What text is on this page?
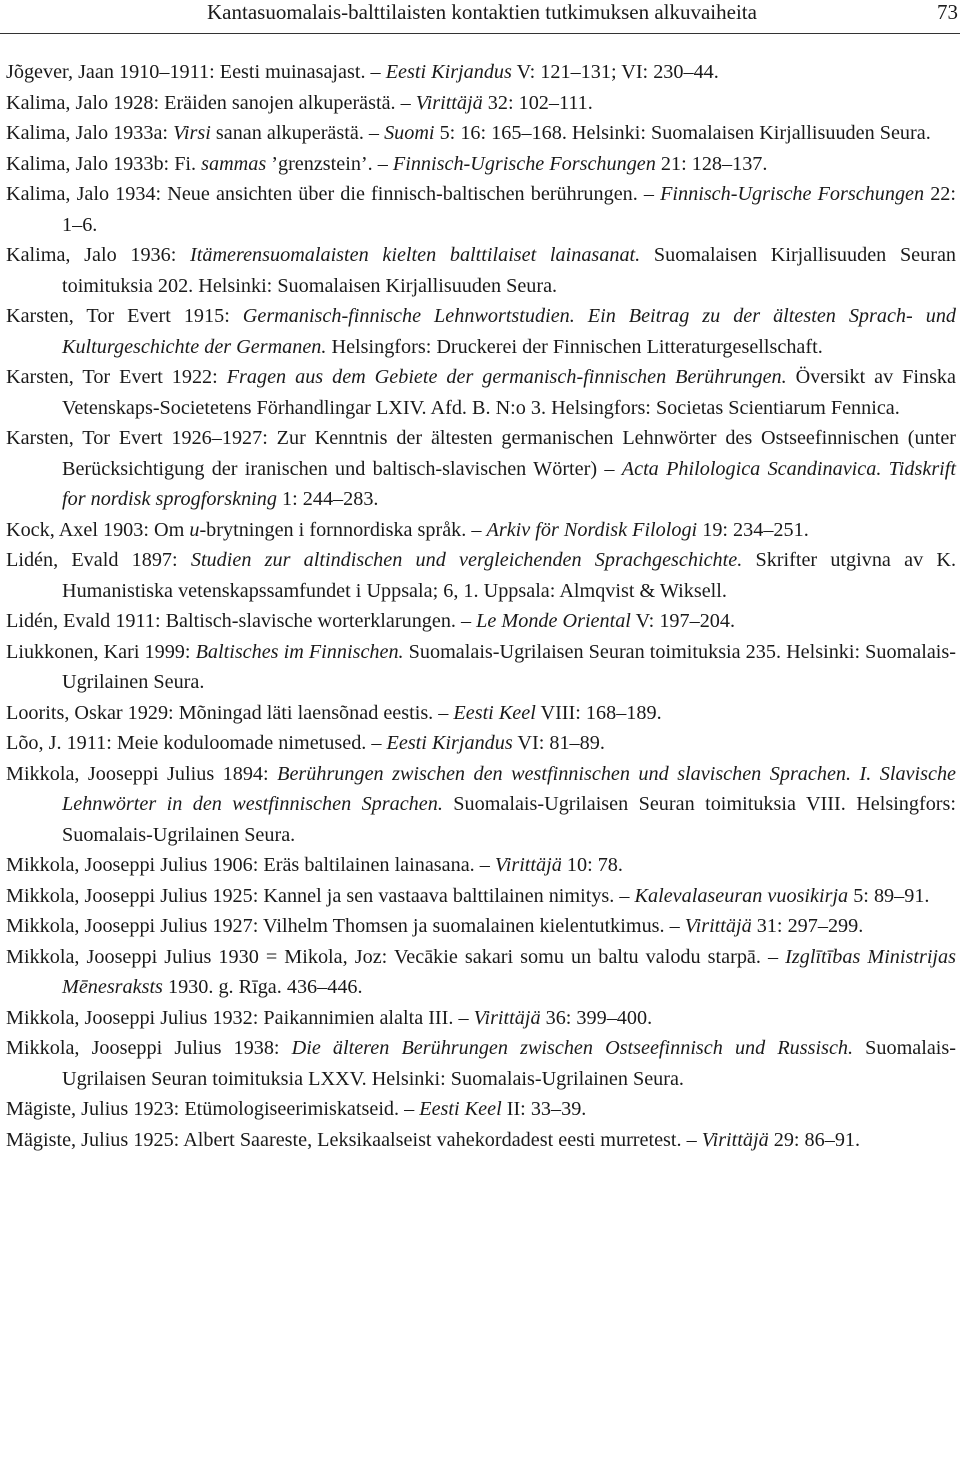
Kantasuomalais-balttilaisten kontaktien tutkimuksen alkuvaiheita	73
Jõgever, Jaan 1910–1911: Eesti muinasajast. – Eesti Kirjandus V: 121–131; VI: 230–44.
Kalima, Jalo 1928: Eräiden sanojen alkuperästä. – Virittäjä 32: 102–111.
Kalima, Jalo 1933a: Virsi sanan alkuperästä. – Suomi 5: 16: 165–168. Helsinki: Suomalaisen Kirjallisuuden Seura.
Kalima, Jalo 1933b: Fi. sammas ’grenzstein’. – Finnisch-Ugrische Forschungen 21: 128–137.
Kalima, Jalo 1934: Neue ansichten über die finnisch-baltischen berührungen. – Finnisch-Ugrische Forschungen 22: 1–6.
Kalima, Jalo 1936: Itämerensuomalaisten kielten balttilaiset lainasanat. Suomalaisen Kirjallisuuden Seuran toimituksia 202. Helsinki: Suomalaisen Kirjallisuuden Seura.
Karsten, Tor Evert 1915: Germanisch-finnische Lehnwortstudien. Ein Beitrag zu der ältesten Sprach- und Kulturgeschichte der Germanen. Helsingfors: Druckerei der Finnischen Litteraturgesellschaft.
Karsten, Tor Evert 1922: Fragen aus dem Gebiete der germanisch-finnischen Berührungen. Översikt av Finska Vetenskaps-Societetens Förhandlingar LXIV. Afd. B. N:o 3. Helsingfors: Societas Scientiarum Fennica.
Karsten, Tor Evert 1926–1927: Zur Kenntnis der ältesten germanischen Lehnwörter des Ostseefinnischen (unter Berücksichtigung der iranischen und baltisch-slavischen Wörter) – Acta Philologica Scandinavica. Tidskrift for nordisk sprogforskning 1: 244–283.
Kock, Axel 1903: Om u-brytningen i fornnordiska språk. – Arkiv för Nordisk Filologi 19: 234–251.
Lidén, Evald 1897: Studien zur altindischen und vergleichenden Sprachgeschichte. Skrifter utgivna av K. Humanistiska vetenskapssamfundet i Uppsala; 6, 1. Uppsala: Almqvist & Wiksell.
Lidén, Evald 1911: Baltisch-slavische worterklarungen. – Le Monde Oriental V: 197–204.
Liukkonen, Kari 1999: Baltisches im Finnischen. Suomalais-Ugrilaisen Seuran toimituksia 235. Helsinki: Suomalais-Ugrilainen Seura.
Loorits, Oskar 1929: Mõningad läti laensõnad eestis. – Eesti Keel VIII: 168–189.
Lõo, J. 1911: Meie koduloomade nimetused. – Eesti Kirjandus VI: 81–89.
Mikkola, Jooseppi Julius 1894: Berührungen zwischen den westfinnischen und slavischen Sprachen. I. Slavische Lehnwörter in den westfinnischen Sprachen. Suomalais-Ugrilaisen Seuran toimituksia VIII. Helsingfors: Suomalais-Ugrilainen Seura.
Mikkola, Jooseppi Julius 1906: Eräs baltilainen lainasana. – Virittäjä 10: 78.
Mikkola, Jooseppi Julius 1925: Kannel ja sen vastaava balttilainen nimitys. – Kalevalaseuran vuosikirja 5: 89–91.
Mikkola, Jooseppi Julius 1927: Vilhelm Thomsen ja suomalainen kielentutkimus. – Virittäjä 31: 297–299.
Mikkola, Jooseppi Julius 1930 = Mikola, Joz: Vecākie sakari somu un baltu valodu starpā. – Izglītības Ministrijas Mēnesraksts 1930. g. Rīga. 436–446.
Mikkola, Jooseppi Julius 1932: Paikannimien alalta III. – Virittäjä 36: 399–400.
Mikkola, Jooseppi Julius 1938: Die älteren Berührungen zwischen Ostseefinnisch und Russisch. Suomalais-Ugrilaisen Seuran toimituksia LXXV. Helsinki: Suomalais-Ugrilainen Seura.
Mägiste, Julius 1923: Etümologiseerimiskatseid. – Eesti Keel II: 33–39.
Mägiste, Julius 1925: Albert Saareste, Leksikaalseist vahekordadest eesti murretest. – Virittäjä 29: 86–91.
